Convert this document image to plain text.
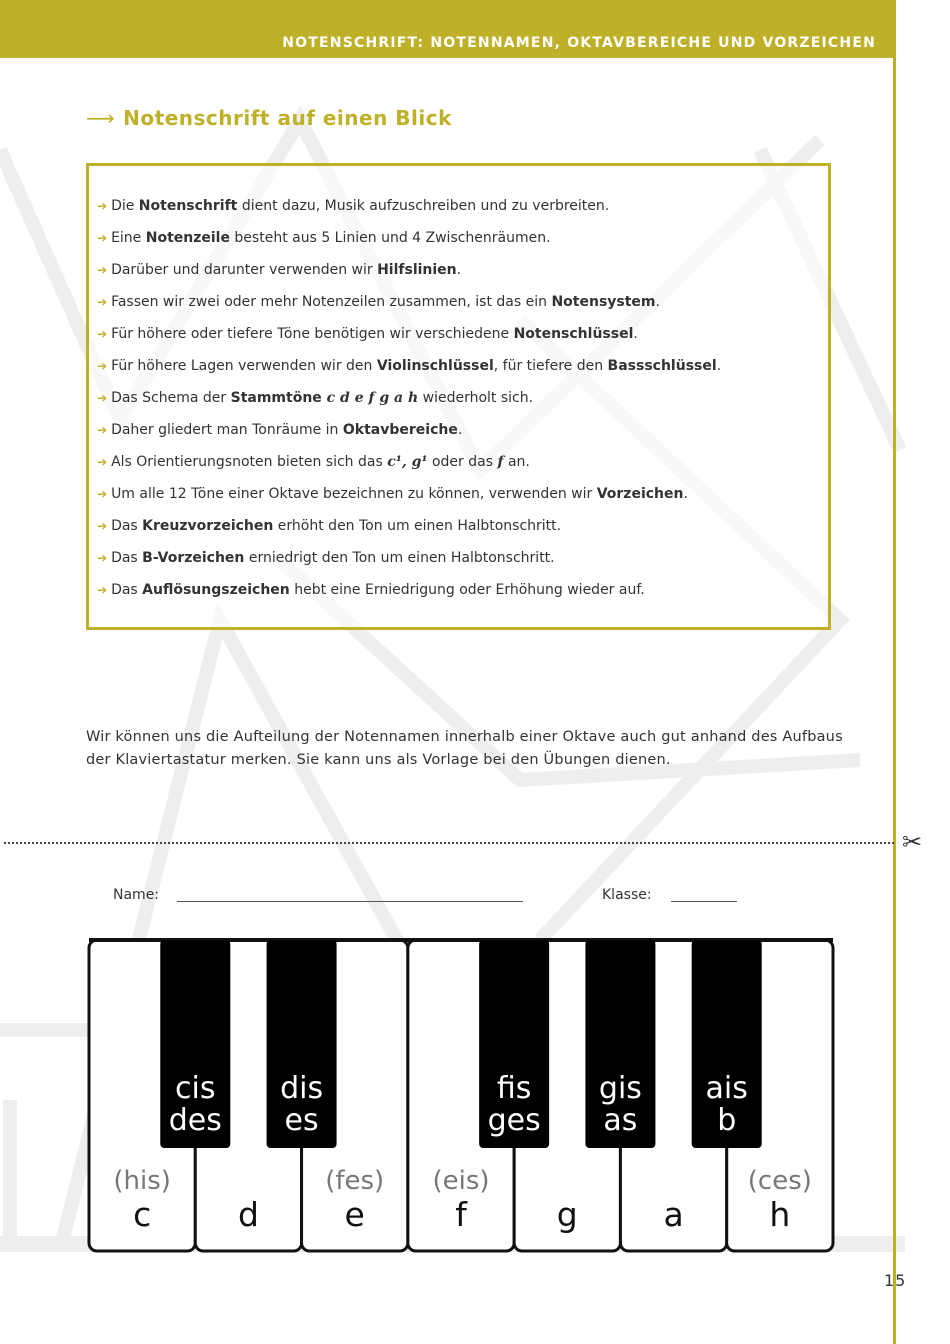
NOTENSCHRIFT: NOTENNAMEN, OKTAVBEREICHE UND VORZEICHEN
⟶ Notenschrift auf einen Blick
➔ Die Notenschrift dient dazu, Musik aufzuschreiben und zu verbreiten.
➔ Eine Notenzeile besteht aus 5 Linien und 4 Zwischenräumen.
➔ Darüber und darunter verwenden wir Hilfslinien.
➔ Fassen wir zwei oder mehr Notenzeilen zusammen, ist das ein Notensystem.
➔ Für höhere oder tiefere Töne benötigen wir verschiedene Notenschlüssel.
➔ Für höhere Lagen verwenden wir den Violinschlüssel, für tiefere den Bassschlüssel.
➔ Das Schema der Stammtöne c d e f g a h wiederholt sich.
➔ Daher gliedert man Tonräume in Oktavbereiche.
➔ Als Orientierungsnoten bieten sich das c¹, g¹ oder das f an.
➔ Um alle 12 Töne einer Oktave bezeichnen zu können, verwenden wir Vorzeichen.
➔ Das Kreuzvorzeichen erhöht den Ton um einen Halbtonschritt.
➔ Das B-Vorzeichen erniedrigt den Ton um einen Halbtonschritt.
➔ Das Auflösungszeichen hebt eine Erniedrigung oder Erhöhung wieder auf.

Wir können uns die Aufteilung der Notennamen innerhalb einer Oktave auch gut anhand des Aufbaus der Klaviertastatur merken. Sie kann uns als Vorlage bei den Übungen dienen.

✂
Name:	Klasse:
(his)
c	d
(fes)
e
(eis)
f	g	a
(ces)
h
cis
des
dis
es
fis
ges
gis
as
ais
b
15
